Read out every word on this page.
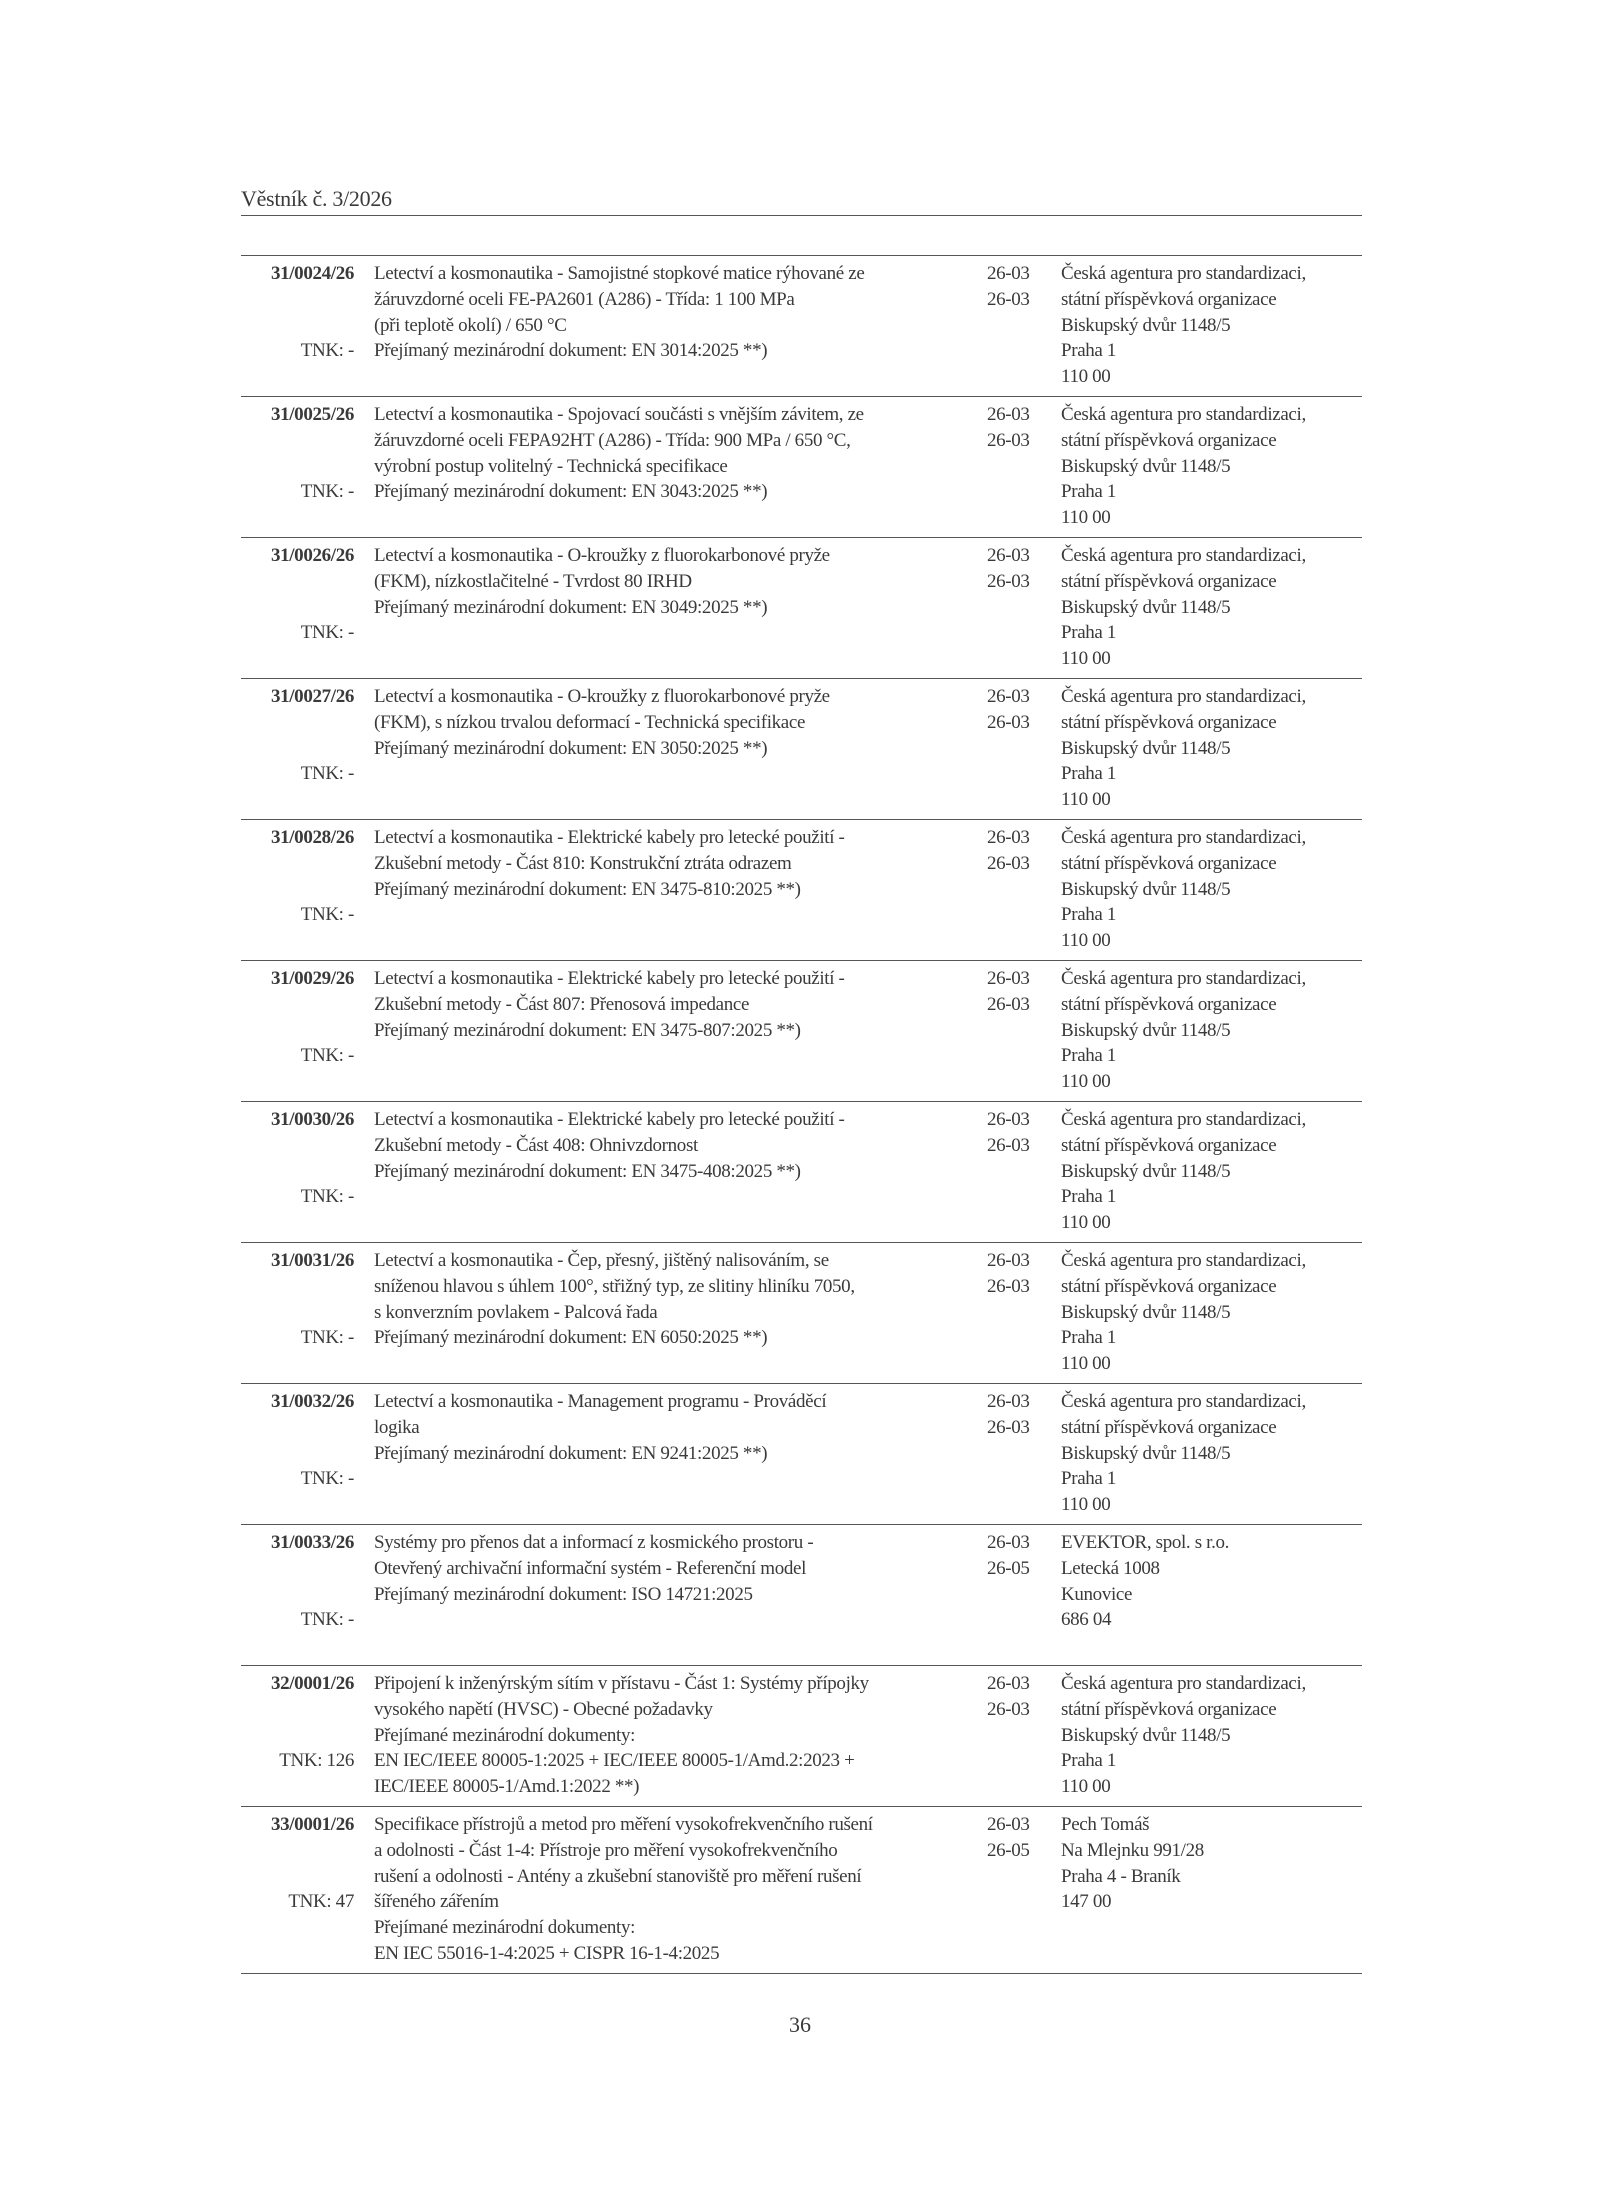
Věstník č. 3/2026
31/0024/26
TNK: -
Letectví a kosmonautika - Samojistné stopkové matice rýhované ze
žáruvzdorné oceli FE-PA2601 (A286) - Třída: 1 100 MPa
(při teplotě okolí) / 650 °C
Přejímaný mezinárodní dokument: EN 3014:2025 **)
26-03
26-03
Česká agentura pro standardizaci,
státní příspěvková organizace
Biskupský dvůr 1148/5
Praha 1
110 00
31/0025/26
TNK: -
Letectví a kosmonautika - Spojovací součásti s vnějším závitem, ze
žáruvzdorné oceli FEPA92HT (A286) - Třída: 900 MPa / 650 °C,
výrobní postup volitelný - Technická specifikace
Přejímaný mezinárodní dokument: EN 3043:2025 **)
26-03
26-03
Česká agentura pro standardizaci,
státní příspěvková organizace
Biskupský dvůr 1148/5
Praha 1
110 00
31/0026/26
TNK: -
Letectví a kosmonautika - O-kroužky z fluorokarbonové pryže
(FKM), nízkostlačitelné - Tvrdost 80 IRHD
Přejímaný mezinárodní dokument: EN 3049:2025 **)
26-03
26-03
Česká agentura pro standardizaci,
státní příspěvková organizace
Biskupský dvůr 1148/5
Praha 1
110 00
31/0027/26
TNK: -
Letectví a kosmonautika - O-kroužky z fluorokarbonové pryže
(FKM), s nízkou trvalou deformací - Technická specifikace
Přejímaný mezinárodní dokument: EN 3050:2025 **)
26-03
26-03
Česká agentura pro standardizaci,
státní příspěvková organizace
Biskupský dvůr 1148/5
Praha 1
110 00
31/0028/26
TNK: -
Letectví a kosmonautika - Elektrické kabely pro letecké použití -
Zkušební metody - Část 810: Konstrukční ztráta odrazem
Přejímaný mezinárodní dokument: EN 3475-810:2025 **)
26-03
26-03
Česká agentura pro standardizaci,
státní příspěvková organizace
Biskupský dvůr 1148/5
Praha 1
110 00
31/0029/26
TNK: -
Letectví a kosmonautika - Elektrické kabely pro letecké použití -
Zkušební metody - Část 807: Přenosová impedance
Přejímaný mezinárodní dokument: EN 3475-807:2025 **)
26-03
26-03
Česká agentura pro standardizaci,
státní příspěvková organizace
Biskupský dvůr 1148/5
Praha 1
110 00
31/0030/26
TNK: -
Letectví a kosmonautika - Elektrické kabely pro letecké použití -
Zkušební metody - Část 408: Ohnivzdornost
Přejímaný mezinárodní dokument: EN 3475-408:2025 **)
26-03
26-03
Česká agentura pro standardizaci,
státní příspěvková organizace
Biskupský dvůr 1148/5
Praha 1
110 00
31/0031/26
TNK: -
Letectví a kosmonautika - Čep, přesný, jištěný nalisováním, se
sníženou hlavou s úhlem 100°, střižný typ, ze slitiny hliníku 7050,
s konverzním povlakem - Palcová řada
Přejímaný mezinárodní dokument: EN 6050:2025 **)
26-03
26-03
Česká agentura pro standardizaci,
státní příspěvková organizace
Biskupský dvůr 1148/5
Praha 1
110 00
31/0032/26
TNK: -
Letectví a kosmonautika - Management programu - Prováděcí
logika
Přejímaný mezinárodní dokument: EN 9241:2025 **)
26-03
26-03
Česká agentura pro standardizaci,
státní příspěvková organizace
Biskupský dvůr 1148/5
Praha 1
110 00
31/0033/26
TNK: -
Systémy pro přenos dat a informací z kosmického prostoru -
Otevřený archivační informační systém - Referenční model
Přejímaný mezinárodní dokument: ISO 14721:2025
26-03
26-05
EVEKTOR, spol. s r.o.
Letecká 1008
Kunovice
686 04
32/0001/26
TNK: 126
Připojení k inženýrským sítím v přístavu - Část 1: Systémy přípojky
vysokého napětí (HVSC) - Obecné požadavky
Přejímané mezinárodní dokumenty:
EN IEC/IEEE 80005-1:2025 + IEC/IEEE 80005-1/Amd.2:2023 +
IEC/IEEE 80005-1/Amd.1:2022 **)
26-03
26-03
Česká agentura pro standardizaci,
státní příspěvková organizace
Biskupský dvůr 1148/5
Praha 1
110 00
33/0001/26
TNK: 47
Specifikace přístrojů a metod pro měření vysokofrekvenčního rušení
a odolnosti - Část 1-4: Přístroje pro měření vysokofrekvenčního
rušení a odolnosti - Antény a zkušební stanoviště pro měření rušení
šířeného zářením
Přejímané mezinárodní dokumenty:
EN IEC 55016-1-4:2025 + CISPR 16-1-4:2025
26-03
26-05
Pech Tomáš
Na Mlejnku 991/28
Praha 4 - Braník
147 00
36
